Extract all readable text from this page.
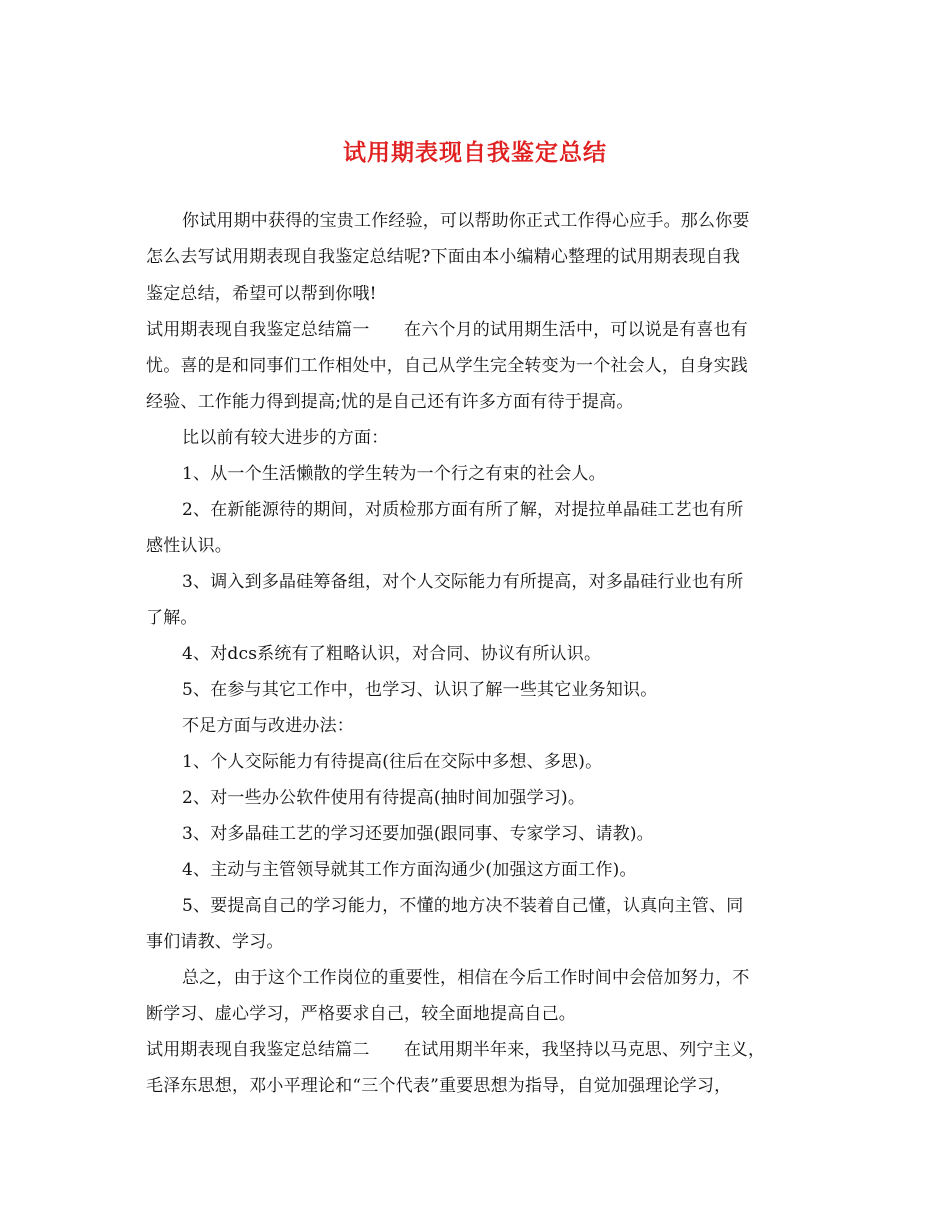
试用期表现自我鉴定总结
你试用期中获得的宝贵工作经验，可以帮助你正式工作得心应手。那么你要
怎么去写试用期表现自我鉴定总结呢?下面由本小编精心整理的试用期表现自我
鉴定总结，希望可以帮到你哦!
试用期表现自我鉴定总结篇一　　在六个月的试用期生活中，可以说是有喜也有
忧。喜的是和同事们工作相处中，自己从学生完全转变为一个社会人，自身实践
经验、工作能力得到提高;忧的是自己还有许多方面有待于提高。
比以前有较大进步的方面：
1、从一个生活懒散的学生转为一个行之有束的社会人。
2、在新能源待的期间，对质检那方面有所了解，对提拉单晶硅工艺也有所
感性认识。
3、调入到多晶硅筹备组，对个人交际能力有所提高，对多晶硅行业也有所
了解。
4、对dcs系统有了粗略认识，对合同、协议有所认识。
5、在参与其它工作中，也学习、认识了解一些其它业务知识。
不足方面与改进办法：
1、个人交际能力有待提高(往后在交际中多想、多思)。
2、对一些办公软件使用有待提高(抽时间加强学习)。
3、对多晶硅工艺的学习还要加强(跟同事、专家学习、请教)。
4、主动与主管领导就其工作方面沟通少(加强这方面工作)。
5、要提高自己的学习能力，不懂的地方决不装着自己懂，认真向主管、同
事们请教、学习。
总之，由于这个工作岗位的重要性，相信在今后工作时间中会倍加努力，不
断学习、虚心学习，严格要求自己，较全面地提高自己。
试用期表现自我鉴定总结篇二　　在试用期半年来，我坚持以马克思、列宁主义，
毛泽东思想，邓小平理论和“三个代表”重要思想为指导，自觉加强理论学习，
